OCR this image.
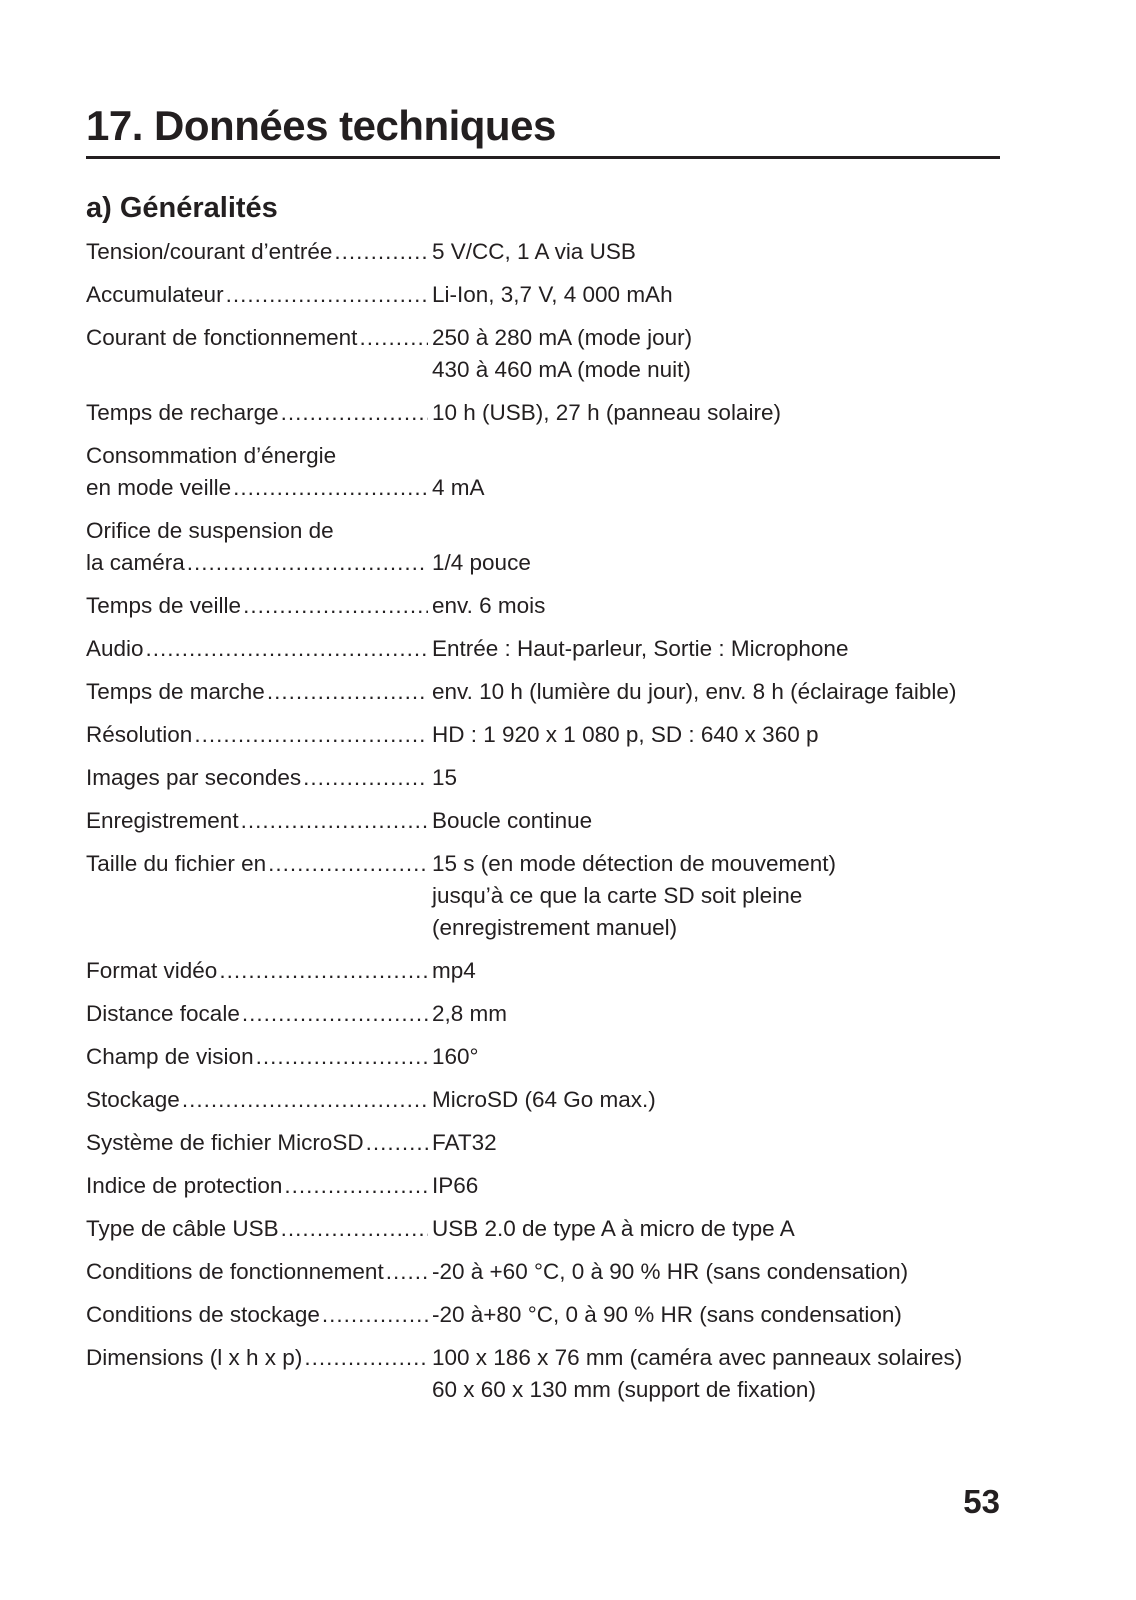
17. Données techniques
a) Généralités
Tension/courant d’entrée .....	5 V/CC, 1 A via USB
Accumulateur .....	Li-Ion, 3,7 V, 4 000 mAh
Courant de fonctionnement .....	250 à 280 mA (mode jour)
430 à 460 mA (mode nuit)
Temps de recharge .....	10 h (USB), 27 h (panneau solaire)
Consommation d’énergie
en mode veille .....	4 mA
Orifice de suspension de
la caméra .....	1/4 pouce
Temps de veille .....	env. 6 mois
Audio .....	Entrée : Haut-parleur, Sortie : Microphone
Temps de marche .....	env. 10 h (lumière du jour), env. 8 h (éclairage faible)
Résolution .....	HD : 1 920 x 1 080 p, SD : 640 x 360 p
Images par secondes .....	15
Enregistrement .....	Boucle continue
Taille du fichier en .....	15 s (en mode détection de mouvement)
jusqu’à ce que la carte SD soit pleine
(enregistrement manuel)
Format vidéo .....	mp4
Distance focale .....	2,8 mm
Champ de vision .....	160°
Stockage .....	MicroSD (64 Go max.)
Système de fichier MicroSD .....	FAT32
Indice de protection .....	IP66
Type de câble USB .....	USB 2.0 de type A à micro de type A
Conditions de fonctionnement ..... -20 à +60 °C, 0 à 90 % HR (sans condensation)
Conditions de stockage .....	-20 à+80 °C, 0 à 90 % HR (sans condensation)
Dimensions (l x h x p) .....	100 x 186 x 76 mm (caméra avec panneaux solaires)
60 x 60 x 130 mm (support de fixation)
53
